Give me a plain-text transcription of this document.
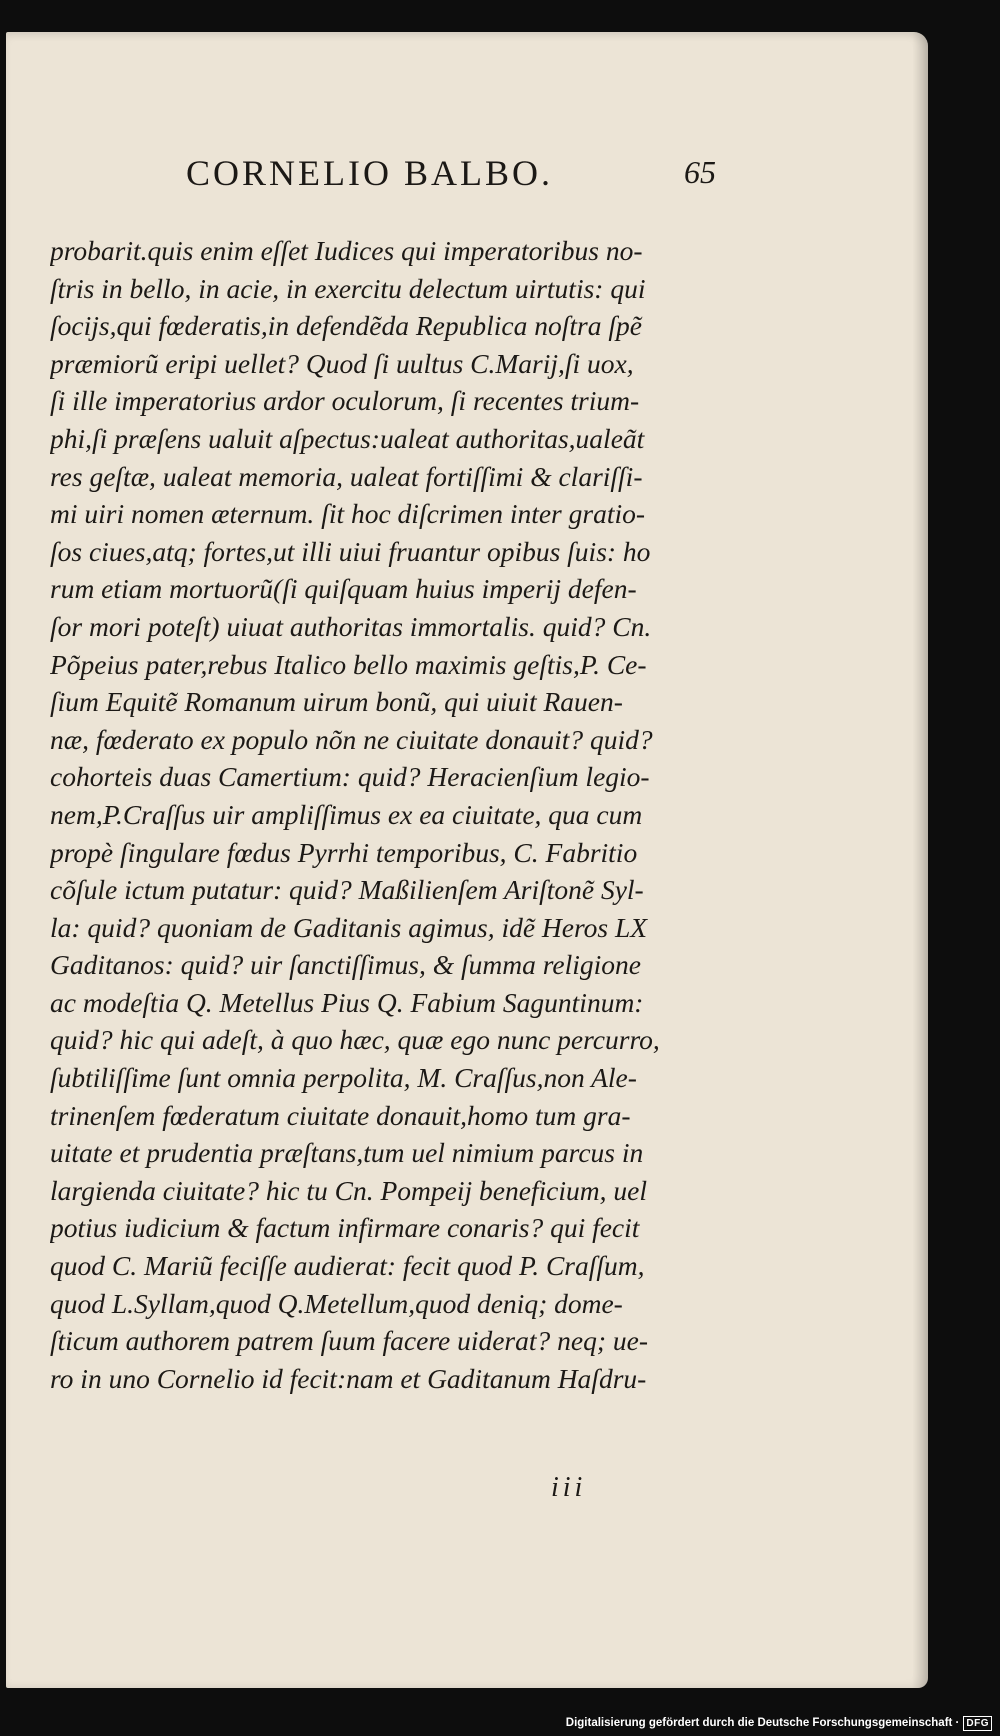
CORNELIO BALBO.	65
probarit.quis enim eſſet Iudices qui imperatoribus no-
ſtris in bello, in acie, in exercitu delectum uirtutis: qui
ſocijs,qui fœderatis,in defendẽda Republica noſtra ſpẽ
præmiorũ eripi uellet? Quod ſi uultus C.Marij,ſi uox,
ſi ille imperatorius ardor oculorum, ſi recentes trium-
phi,ſi præſens ualuit aſpectus:ualeat authoritas,ualeãt
res geſtæ, ualeat memoria, ualeat fortiſſimi & clariſſi-
mi uiri nomen æternum. ſit hoc diſcrimen inter gratio-
ſos ciues,atq; fortes,ut illi uiui fruantur opibus ſuis: ho
rum etiam mortuorũ(ſi quiſquam huius imperij defen-
ſor mori poteſt) uiuat authoritas immortalis. quid? Cn.
Põpeius pater,rebus Italico bello maximis geſtis,P. Ce-
ſium Equitẽ Romanum uirum bonũ, qui uiuit Rauen-
næ, fœderato ex populo nõn ne ciuitate donauit? quid?
cohorteis duas Camertium: quid? Heracienſium legio-
nem,P.Craſſus uir ampliſſimus ex ea ciuitate, qua cum
propè ſingulare fœdus Pyrrhi temporibus, C. Fabritio
cõſule ictum putatur: quid? Maßilienſem Ariſtonẽ Syl-
la: quid? quoniam de Gaditanis agimus, idẽ Heros LX
Gaditanos: quid? uir ſanctiſſimus, & ſumma religione
ac modeſtia Q. Metellus Pius Q. Fabium Saguntinum:
quid? hic qui adeſt, à quo hæc, quæ ego nunc percurro,
ſubtiliſſime ſunt omnia perpolita, M. Craſſus,non Ale-
trinenſem fœderatum ciuitate donauit,homo tum gra-
uitate et prudentia præſtans,tum uel nimium parcus in
largienda ciuitate? hic tu Cn. Pompeij beneficium, uel
potius iudicium & factum infirmare conaris? qui fecit
quod C. Mariũ feciſſe audierat: fecit quod P. Craſſum,
quod L.Syllam,quod Q.Metellum,quod deniq; dome-
ſticum authorem patrem ſuum facere uiderat? neq; ue-
ro in uno Cornelio id fecit:nam et Gaditanum Haſdru-
iii
Digitalisierung gefördert durch die Deutsche Forschungsgemeinschaft · DFG
